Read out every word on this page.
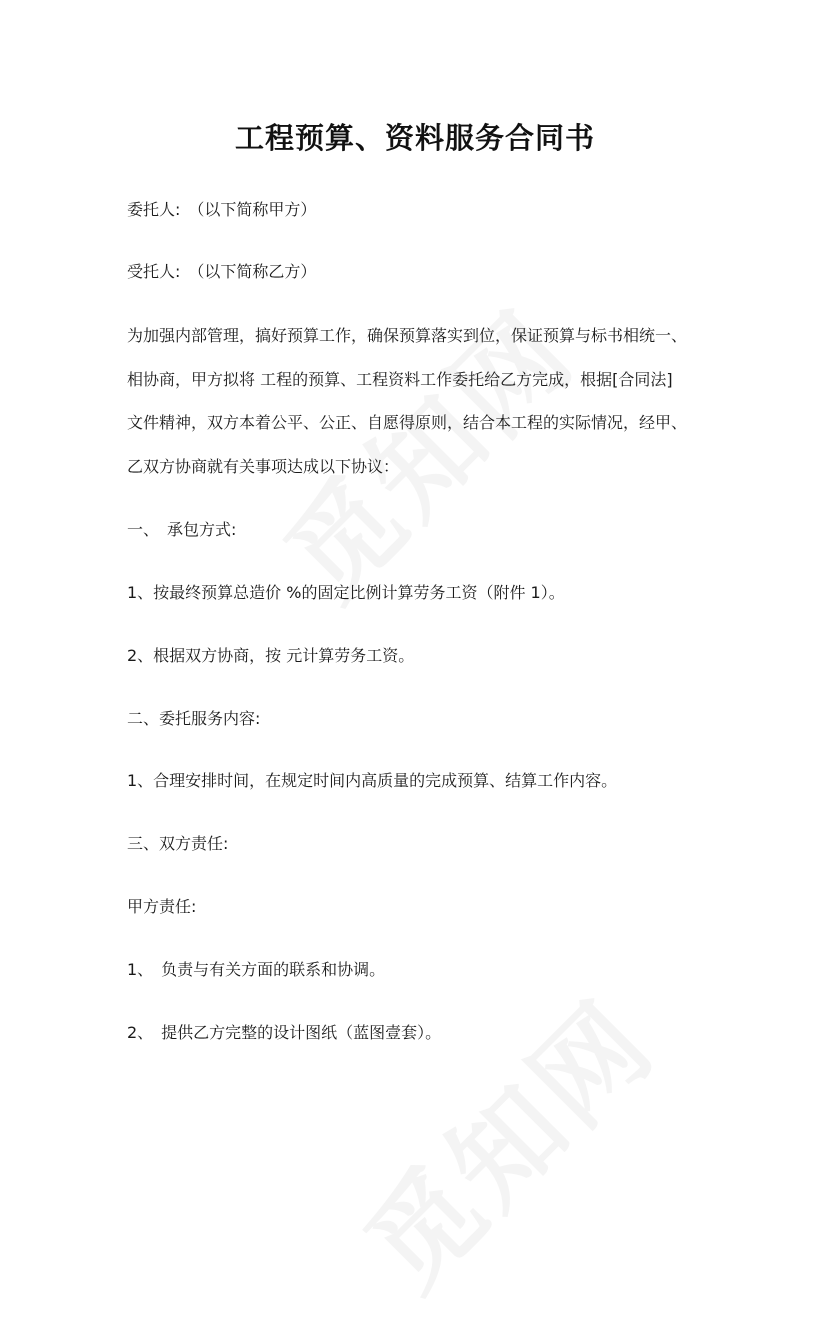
工程预算、资料服务合同书
委托人:　（以下简称甲方）
受托人:　（以下简称乙方）
为加强内部管理，搞好预算工作，确保预算落实到位，保证预算与标书相统一、
相协商，甲方拟将 工程的预算、工程资料工作委托给乙方完成，根据[合同法]
文件精神，双方本着公平、公正、自愿得原则，结合本工程的实际情况，经甲、
乙双方协商就有关事项达成以下协议：
一、　承包方式:
1、按最终预算总造价 %的固定比例计算劳务工资（附件 1）。
2、根据双方协商，按 元计算劳务工资。
二、委托服务内容:
1、合理安排时间，在规定时间内高质量的完成预算、结算工作内容。
三、双方责任:
甲方责任:
1、　负责与有关方面的联系和协调。
2、　提供乙方完整的设计图纸（蓝图壹套）。
